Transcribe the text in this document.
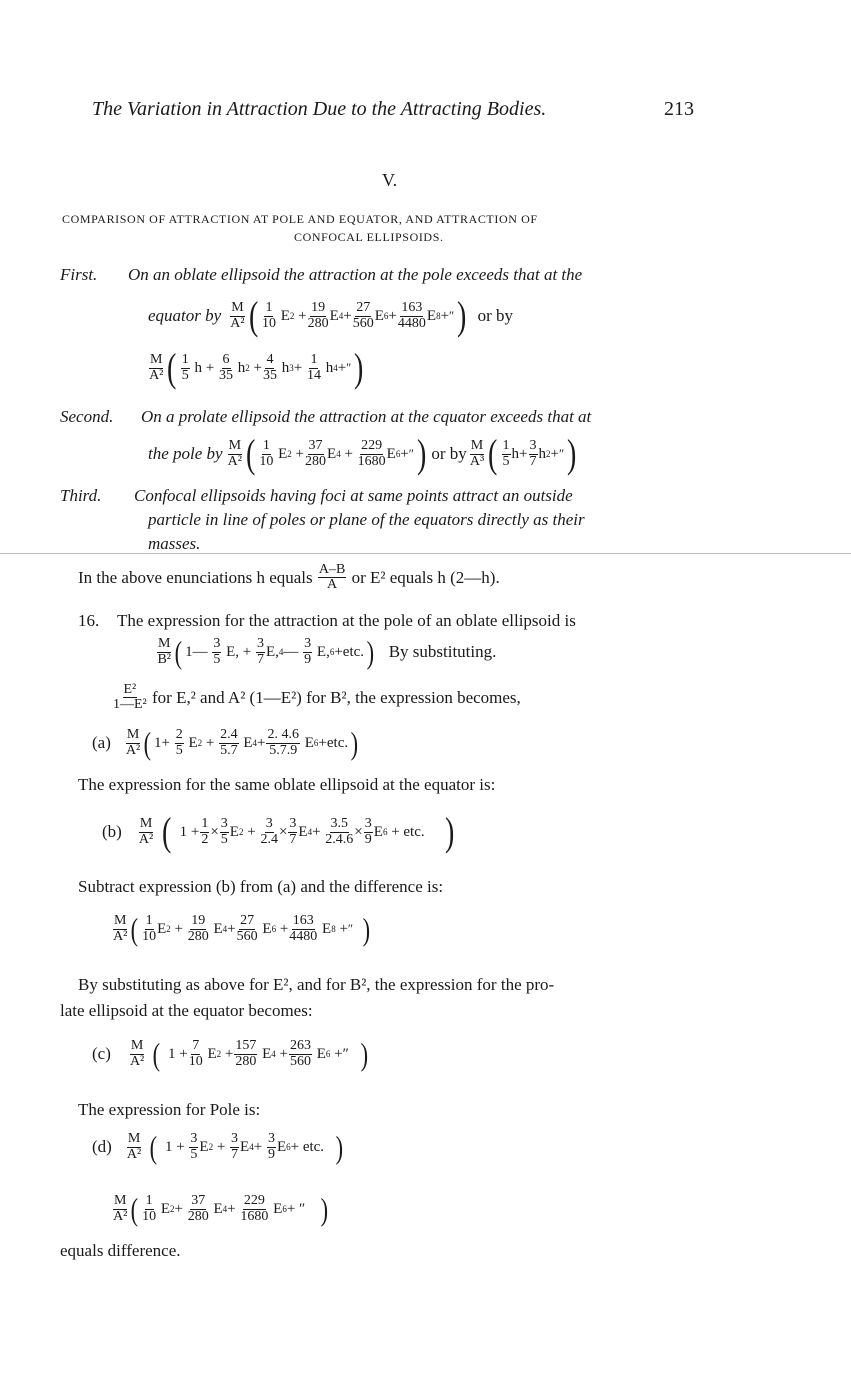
The Variation in Attraction Due to the Attracting Bodies.	213
V.
COMPARISON OF ATTRACTION AT POLE AND EQUATOR, AND ATTRACTION OF
CONFOCAL ELLIPSOIDS.
First. On an oblate ellipsoid the attraction at the pole exceeds that at the
equator by $\frac{M}{\text{A²}}$ ( $\frac{1}{10}$ E $2 + \frac{19}{280}$ E $4 + \frac{27}{560}$ E $6 + \frac{163}{4480}$ E 8 + ″ ) or by
$\frac{M}{\text{A²}}$ ( $\frac{1}{5}$ $h + \frac{6}{35}$ h $2 + \frac{4}{35}$ h $3 + \frac{1}{14}$ h 4 + ″ )
Second. On a prolate ellipsoid the attraction at the cquator exceeds that at
the pole by $\frac{M}{\text{A²}}$ ( $\frac{1}{10}$ E $2 + \frac{37}{280}$ E $4 + \frac{229}{1680}$ E 6 + ″ ) or by $\frac{M}{\text{A³}}$ ( $\frac{1}{5} h+ \frac{3}{7}$ h 2 + ″ )
Third. Confocal ellipsoids having foci at same points attract an outside
particle in line of poles or plane of the equators directly as their
masses.
In the above enunciations h equals
$\frac{A-B}{A}$
or E² equals h (2—h).
16. The expression for the attraction at the pole of an oblate ellipsoid is
$\frac{M}{\text{B²}}$ ( 1— $\frac{3}{5} E$, + $\frac{3}{7} E$, 4 — $\frac{3}{9} E$, 6 +etc. ) By substituting.
$\frac{\text{E²}}{\text{1—E²}}$
for E,² and A² (1—E²) for B², the expression becomes,
$(a) \frac{M}{\text{A²}}$ ( $1+ \frac{2}{5}$ E $2 + \frac{2.4}{5.7}$ E $4 + \frac{2. 4.6}{5.7.9}$ E 6 +etc. )
The expression for the same oblate ellipsoid at the equator is:
$(b) \frac{M}{\text{A²}}$ ( $1 + \frac{1}{2} \times \frac{3}{5}$ E $2 + \frac{3}{2.4} \times \frac{3}{7}$ E $4 + \frac{3.5}{2.4.6} \times \frac{3}{9}$ E 6 + etc. )
Subtract expression (b) from (a) and the difference is:
$\frac{M}{\text{A²}}$ ( $\frac{1}{10}$ E $2 + \frac{19}{280}$ E $4 + \frac{27}{560}$ E $6 + \frac{163}{4480}$ E 8 + ″ )
By substituting as above for E², and for B², the expression for the pro-
late ellipsoid at the equator becomes:
$(c) \frac{M}{\text{A²}}$ ( $1 + \frac{7}{10}$ E $2 + \frac{157}{280}$ E $4 + \frac{263}{560}$ E 6 +″ )
The expression for Pole is:
$(d) \frac{M}{\text{A²}}$ ( $1 + \frac{3}{5}$ E $2 + \frac{3}{7}$ E $4 + \frac{3}{9}$ E 6 + etc. )
$\frac{M}{\text{A²}}$ ( $\frac{1}{10}$ E $2 + \frac{37}{280}$ E $4 + \frac{229}{1680}$ E 6 + ″ )
equals difference.
